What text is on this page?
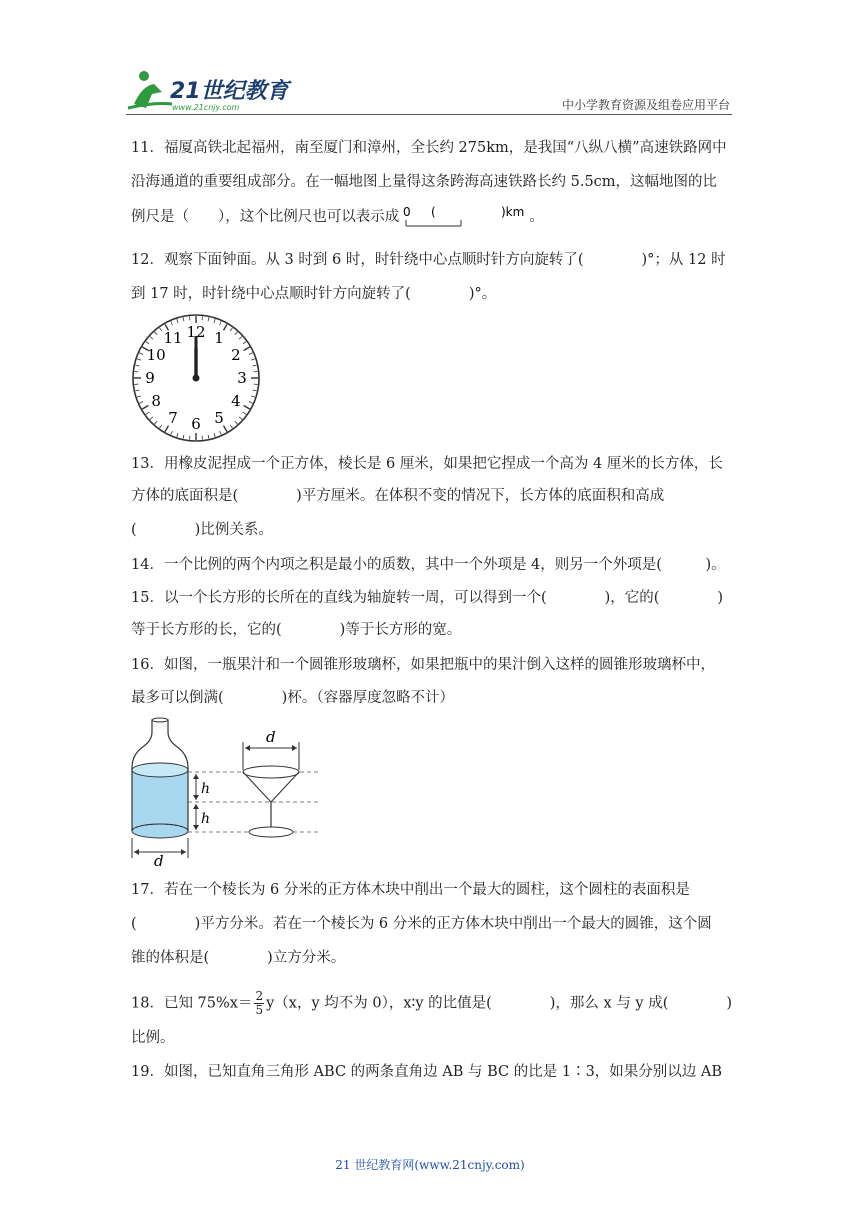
21世纪教育
www.21cnjy.com	中小学教育资源及组卷应用平台
11．福厦高铁北起福州，南至厦门和漳州，全长约 275km，是我国“八纵八横”高速铁路网中
沿海通道的重要组成部分。在一幅地图上量得这条跨海高速铁路长约 5.5cm，这幅地图的比
例尺是（　　），这个比例尺也可以表示成 0 (	)km 。
12．观察下面钟面。从 3 时到 6 时，时针绕中心点顺时针方向旋转了(　　　　)°；从 12 时
到 17 时，时针绕中心点顺时针方向旋转了(　　　　)°。
12 1
2
3
4
5
6
7
8
9
10
11
13．用橡皮泥捏成一个正方体，棱长是 6 厘米，如果把它捏成一个高为 4 厘米的长方体，长
方体的底面积是(　　　　)平方厘米。在体积不变的情况下，长方体的底面积和高成
(　　　　)比例关系。
14．一个比例的两个内项之积是最小的质数，其中一个外项是 4，则另一个外项是(　　　)。
15．以一个长方形的长所在的直线为轴旋转一周，可以得到一个(　　　　)，它的(　　　　)
等于长方形的长，它的(　　　　)等于长方形的宽。
16．如图，一瓶果汁和一个圆锥形玻璃杯，如果把瓶中的果汁倒入这样的圆锥形玻璃杯中，
最多可以倒满(　　　　)杯。（容器厚度忽略不计）
d
h
h
d
17．若在一个棱长为 6 分米的正方体木块中削出一个最大的圆柱，这个圆柱的表面积是
(　　　　)平方分米。若在一个棱长为 6 分米的正方体木块中削出一个最大的圆锥，这个圆
锥的体积是(　　　　)立方分米。
18．已知 $75\%x= \frac{2}{5} y(x$，y 均不为 0），x∶y 的比值是(　　　　)，那么 x 与 y 成(　　　　)
比例。
19．如图，已知直角三角形 ABC 的两条直角边 AB 与 BC 的比是 1∶3，如果分别以边 AB
21 世纪教育网(www.21cnjy.com)
